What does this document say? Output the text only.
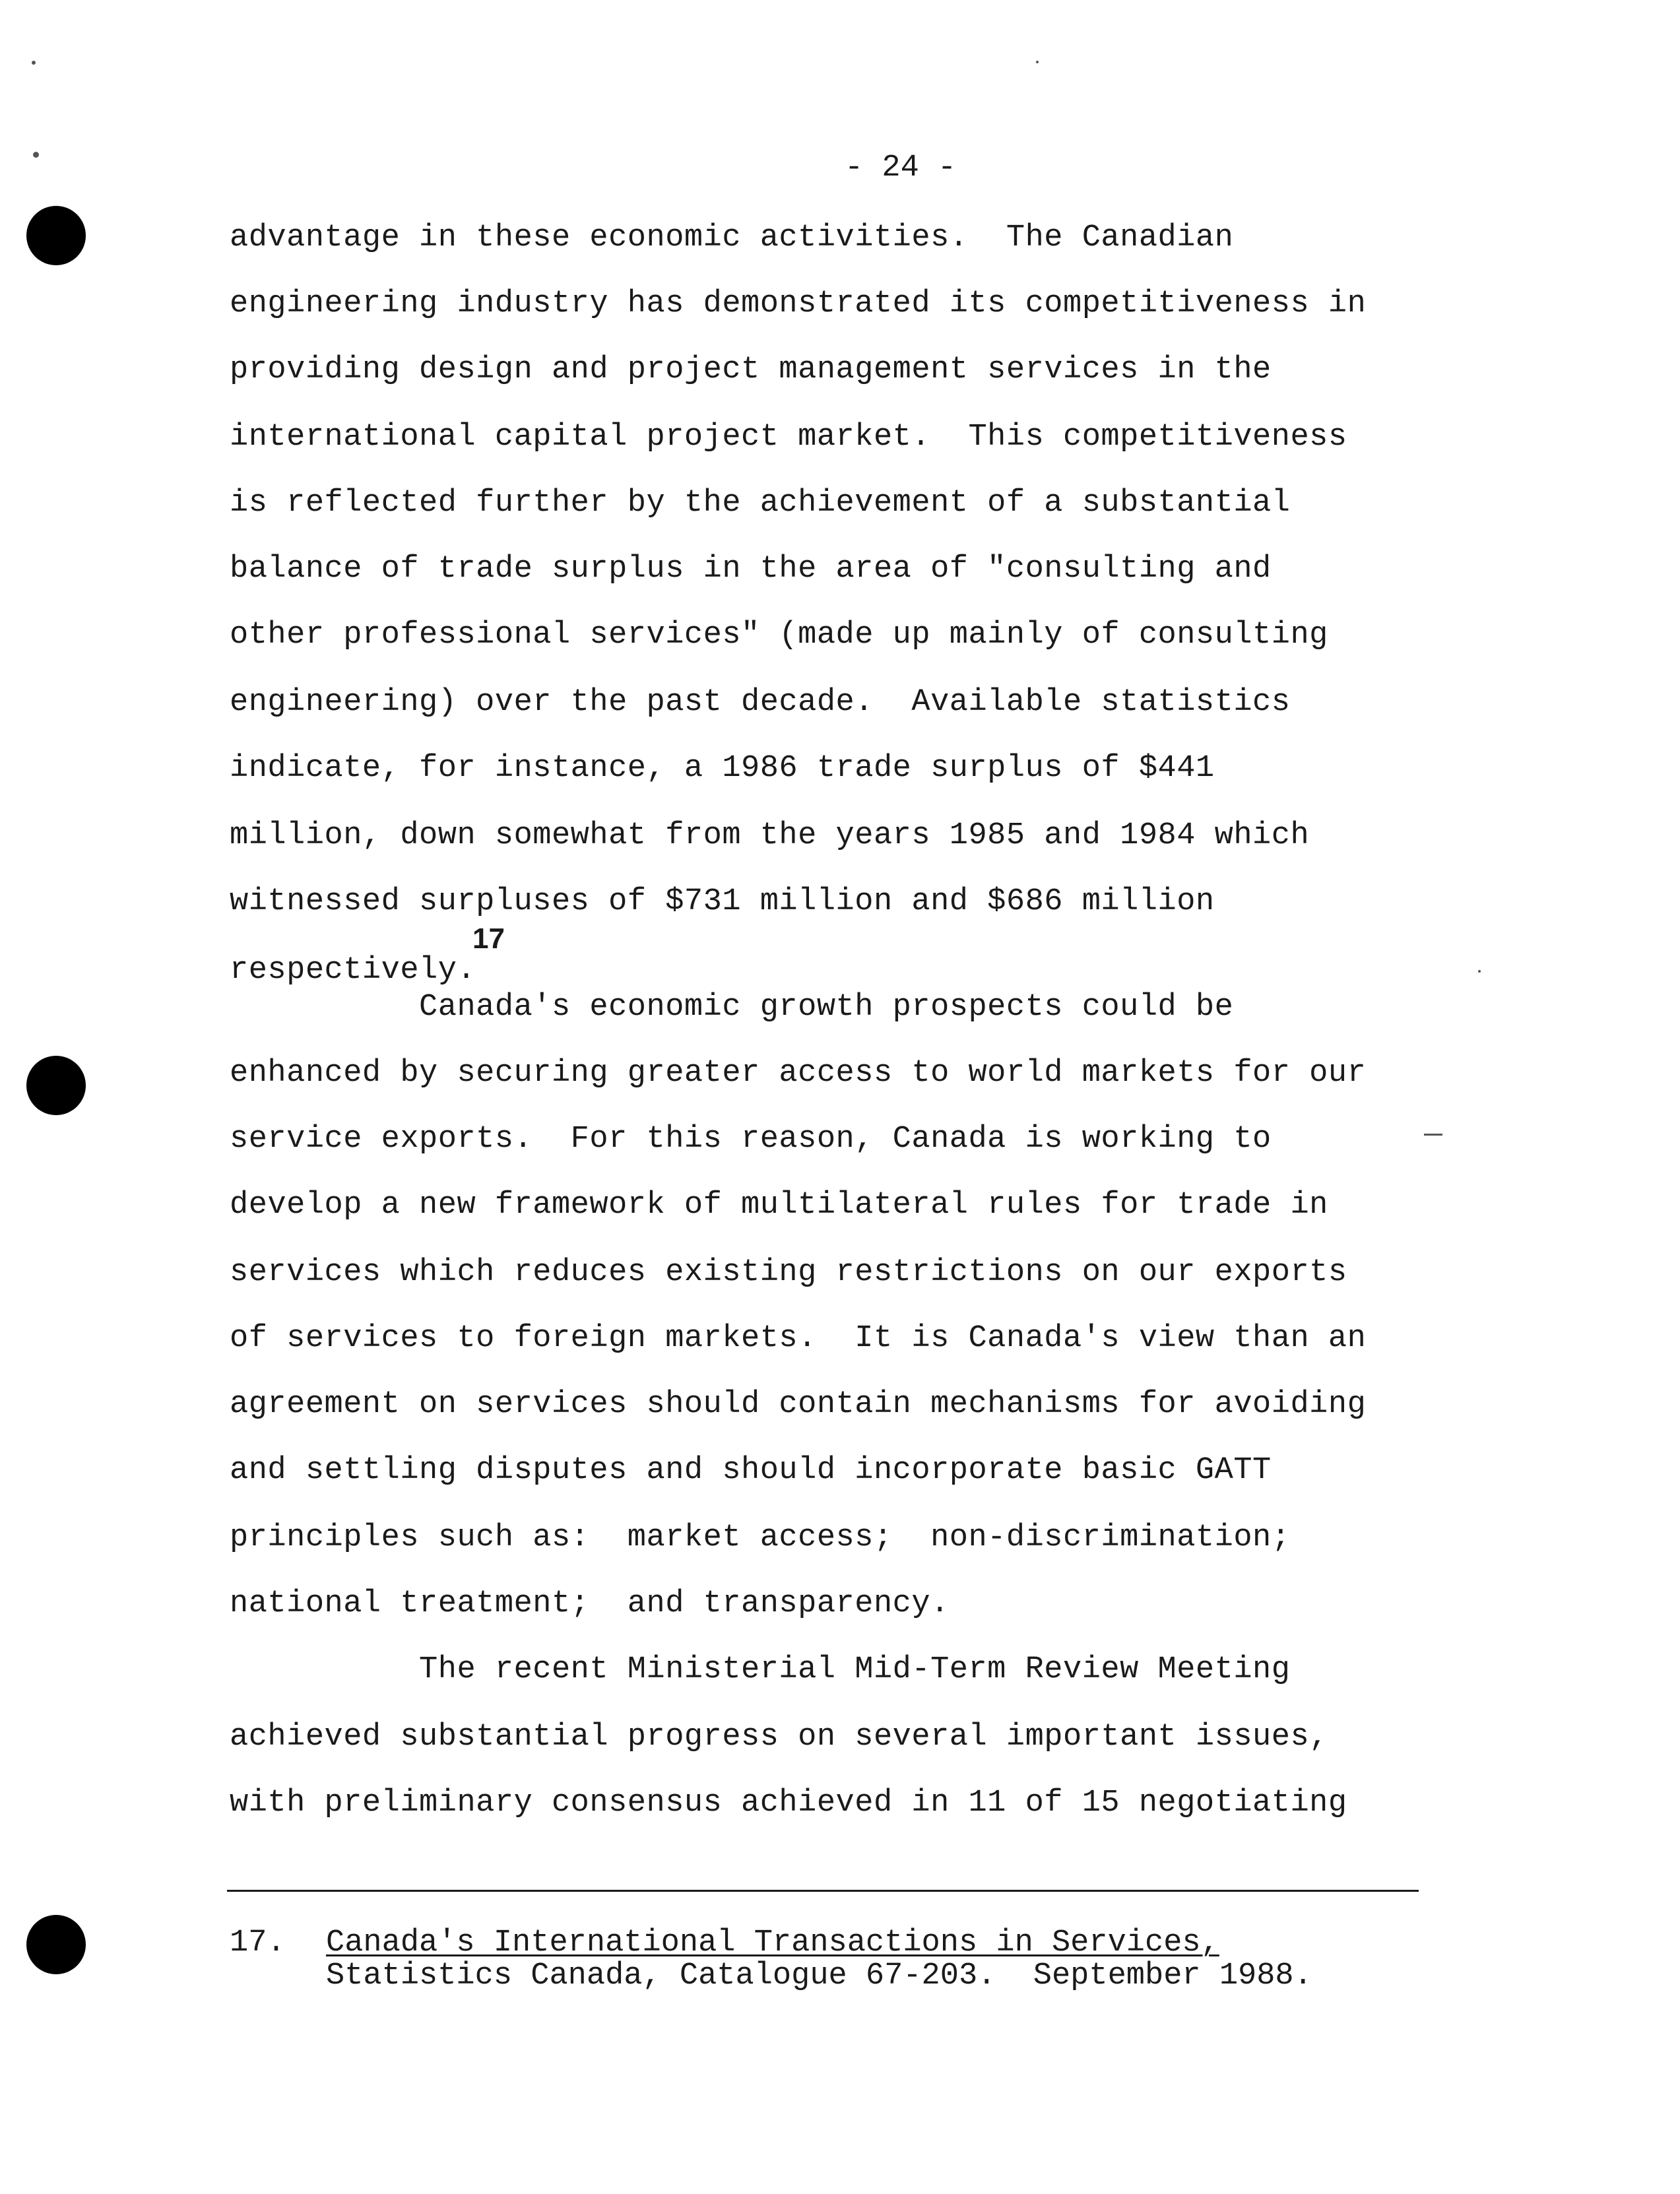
- 24 -
advantage in these economic activities.  The Canadian
engineering industry has demonstrated its competitiveness in
providing design and project management services in the
international capital project market.  This competitiveness
is reflected further by the achievement of a substantial
balance of trade surplus in the area of "consulting and
other professional services" (made up mainly of consulting
engineering) over the past decade.  Available statistics
indicate, for instance, a 1986 trade surplus of $441
million, down somewhat from the years 1985 and 1984 which
witnessed surpluses of $731 million and $686 million
respectively.
Canada's economic growth prospects could be
enhanced by securing greater access to world markets for our
service exports.  For this reason, Canada is working to
develop a new framework of multilateral rules for trade in
services which reduces existing restrictions on our exports
of services to foreign markets.  It is Canada's view than an
agreement on services should contain mechanisms for avoiding
and settling disputes and should incorporate basic GATT
principles such as:  market access;  non-discrimination;
national treatment;  and transparency.
The recent Ministerial Mid-Term Review Meeting
achieved substantial progress on several important issues,
with preliminary consensus achieved in 11 of 15 negotiating
17
17. Canada's International Transactions in Services,
Statistics Canada, Catalogue 67-203.  September 1988.
